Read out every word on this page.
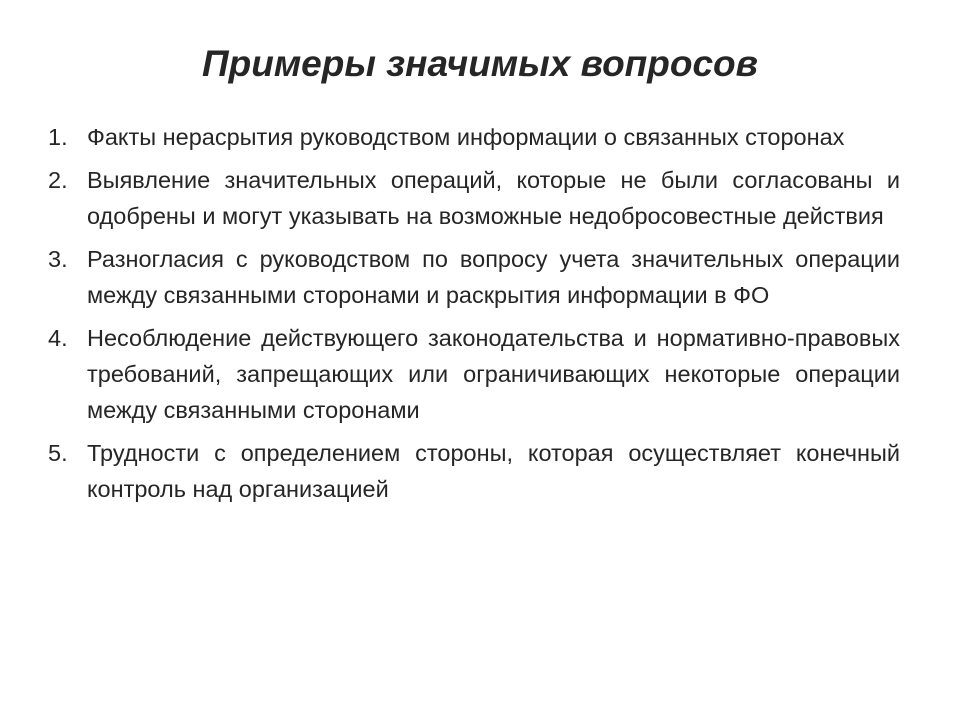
Примеры значимых вопросов
1. Факты нерасрытия руководством информации о связанных сторонах
2. Выявление значительных операций, которые не были согласованы и одобрены и могут указывать на возможные недобросовестные действия
3. Разногласия с руководством по вопросу учета значительных операции между связанными сторонами и раскрытия информации в ФО
4. Несоблюдение действующего законодательства и нормативно-правовых требований, запрещающих или ограничивающих некоторые операции между связанными сторонами
5. Трудности с определением стороны, которая осуществляет конечный контроль над организацией
